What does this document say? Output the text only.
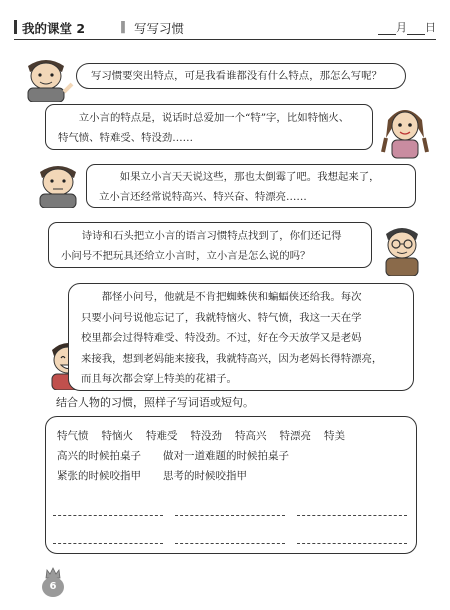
我的课堂 2	‖ 写写习惯	月 日
写习惯要突出特点，可是我看谁都没有什么特点，那怎么写呢？
　　立小言的特点是，说话时总爱加一个“特”字，比如特恼火、
特气愤、特难受、特没劲……
　　如果立小言天天说这些，那也太倒霉了吧。我想起来了，
立小言还经常说特高兴、特兴奋、特漂亮……
　　诗诗和石头把立小言的语言习惯特点找到了，你们还记得
小问号不把玩具还给立小言时，立小言是怎么说的吗？
　　都怪小问号，他就是不肯把蜘蛛侠和蝙蝠侠还给我。每次
只要小问号说他忘记了，我就特恼火、特气愤，我这一天在学
校里都会过得特难受、特没劲。不过，好在今天放学又是老妈
来接我，想到老妈能来接我，我就特高兴，因为老妈长得特漂亮，
而且每次都会穿上特美的花裙子。
结合人物的习惯，照样子写词语或短句。
特气愤 特恼火 特难受 特没劲 特高兴 特漂亮 特美
高兴的时候拍桌子 做对一道难题的时候拍桌子
紧张的时候咬指甲 思考的时候咬指甲
6
